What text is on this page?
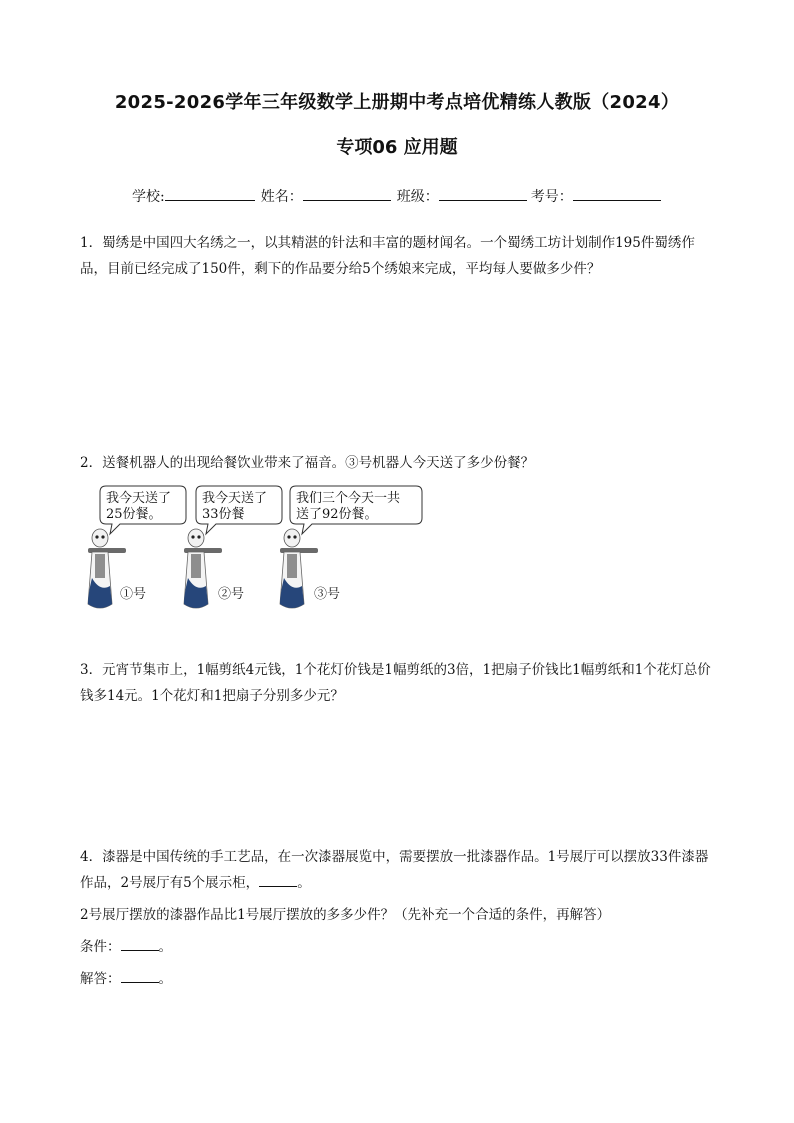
2025-2026学年三年级数学上册期中考点培优精练人教版（2024）
专项06 应用题
学校:	姓名：	班级：	考号：

1．蜀绣是中国四大名绣之一，以其精湛的针法和丰富的题材闻名。一个蜀绣工坊计划制作195件蜀绣作品，目前已经完成了150件，剩下的作品要分给5个绣娘来完成，平均每人要做多少件？

2．送餐机器人的出现给餐饮业带来了福音。③号机器人今天送了多少份餐？

我今天送了
25份餐。
我今天送了
33份餐
我们三个今天一共
送了92份餐。
①号	②号	③号

3．元宵节集市上，1幅剪纸4元钱，1个花灯价钱是1幅剪纸的3倍，1把扇子价钱比1幅剪纸和1个花灯总价钱多14元。1个花灯和1把扇子分别多少元？

4．漆器是中国传统的手工艺品，在一次漆器展览中，需要摆放一批漆器作品。1号展厅可以摆放33件漆器作品，2号展厅有5个展示柜，	。

2号展厅摆放的漆器作品比1号展厅摆放的多多少件？（先补充一个合适的条件，再解答）

条件：	。

解答：	。
